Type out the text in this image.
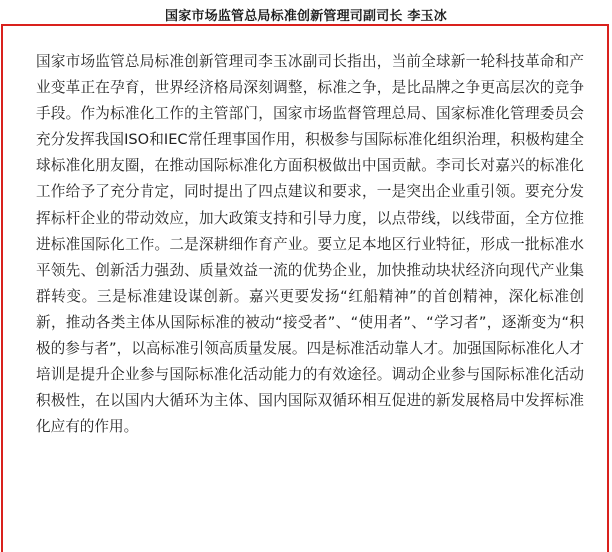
国家市场监管总局标准创新管理司副司长 李玉冰

国家市场监管总局标准创新管理司李玉冰副司长指出，当前全球新一轮科技革命和产业变革正在孕育，世界经济格局深刻调整，标准之争，是比品牌之争更高层次的竞争手段。作为标准化工作的主管部门，国家市场监督管理总局、国家标准化管理委员会充分发挥我国ISO和IEC常任理事国作用，积极参与国际标准化组织治理，积极构建全球标准化朋友圈，在推动国际标准化方面积极做出中国贡献。李司长对嘉兴的标准化工作给予了充分肯定，同时提出了四点建议和要求，一是突出企业重引领。要充分发挥标杆企业的带动效应，加大政策支持和引导力度，以点带线，以线带面，全方位推进标准国际化工作。二是深耕细作育产业。要立足本地区行业特征，形成一批标准水平领先、创新活力强劲、质量效益一流的优势企业，加快推动块状经济向现代产业集群转变。三是标准建设谋创新。嘉兴更要发扬“红船精神”的首创精神，深化标准创新，推动各类主体从国际标准的被动“接受者”、“使用者”、“学习者”，逐渐变为“积极的参与者”，以高标准引领高质量发展。四是标准活动靠人才。加强国际标准化人才培训是提升企业参与国际标准化活动能力的有效途径。调动企业参与国际标准化活动积极性，在以国内大循环为主体、国内国际双循环相互促进的新发展格局中发挥标准化应有的作用。
